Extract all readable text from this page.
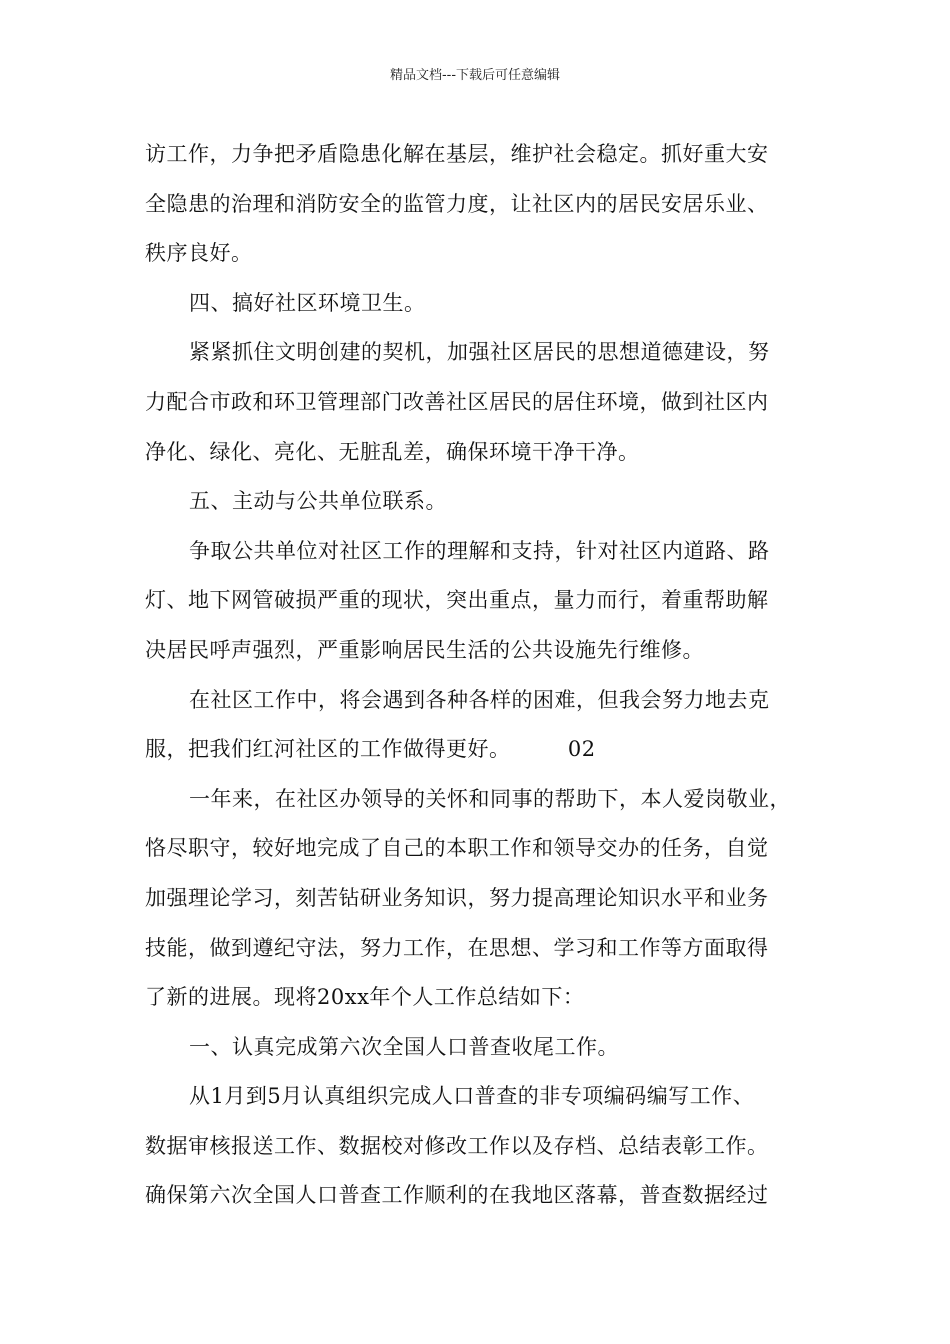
精品文档---下载后可任意编辑
访工作，力争把矛盾隐患化解在基层，维护社会稳定。抓好重大安
全隐患的治理和消防安全的监管力度，让社区内的居民安居乐业、
秩序良好。
四、搞好社区环境卫生。
紧紧抓住文明创建的契机，加强社区居民的思想道德建设，努
力配合市政和环卫管理部门改善社区居民的居住环境，做到社区内
净化、绿化、亮化、无脏乱差，确保环境干净干净。
五、主动与公共单位联系。
争取公共单位对社区工作的理解和支持，针对社区内道路、路
灯、地下网管破损严重的现状，突出重点，量力而行，着重帮助解
决居民呼声强烈，严重影响居民生活的公共设施先行维修。
在社区工作中，将会遇到各种各样的困难，但我会努力地去克
服，把我们红河社区的工作做得更好。        02
一年来，在社区办领导的关怀和同事的帮助下，本人爱岗敬业，
恪尽职守，较好地完成了自己的本职工作和领导交办的任务，自觉
加强理论学习，刻苦钻研业务知识，努力提高理论知识水平和业务
技能，做到遵纪守法，努力工作，在思想、学习和工作等方面取得
了新的进展。现将20xx年个人工作总结如下：
一、认真完成第六次全国人口普查收尾工作。
从1月到5月认真组织完成人口普查的非专项编码编写工作、
数据审核报送工作、数据校对修改工作以及存档、总结表彰工作。
确保第六次全国人口普查工作顺利的在我地区落幕，普查数据经过
